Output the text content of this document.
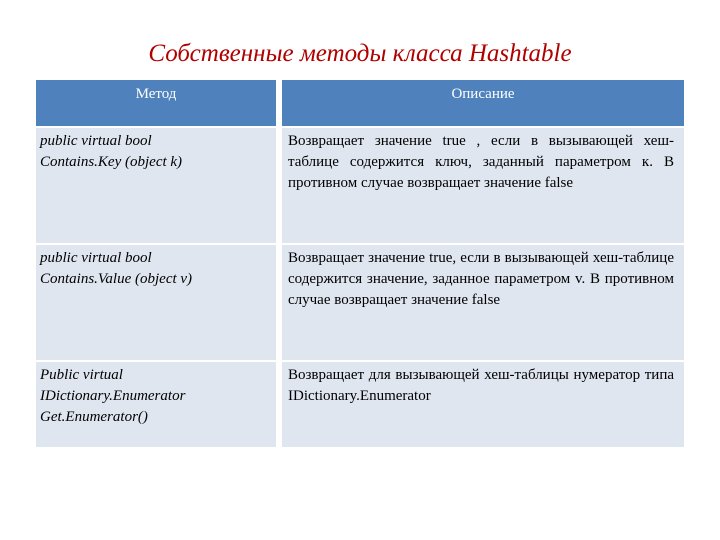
Собственные методы класса Hashtable
Метод	Описание
public virtual bool
Contains.Key (object k)	Возвращает значение true , если в вызывающей хеш-таблице содержится ключ, заданный параметром к. В противном случае возвращает значение false
public virtual bool
Contains.Value (object v)	Возвращает значение true, если в вызывающей хеш-таблице содержится значение, заданное параметром v. В противном случае возвращает значение false
Public virtual
IDictionary.Enumerator
Get.Enumerator()	Возвращает для вызывающей хеш-таблицы нумератор типа IDictionary.Enumerator
